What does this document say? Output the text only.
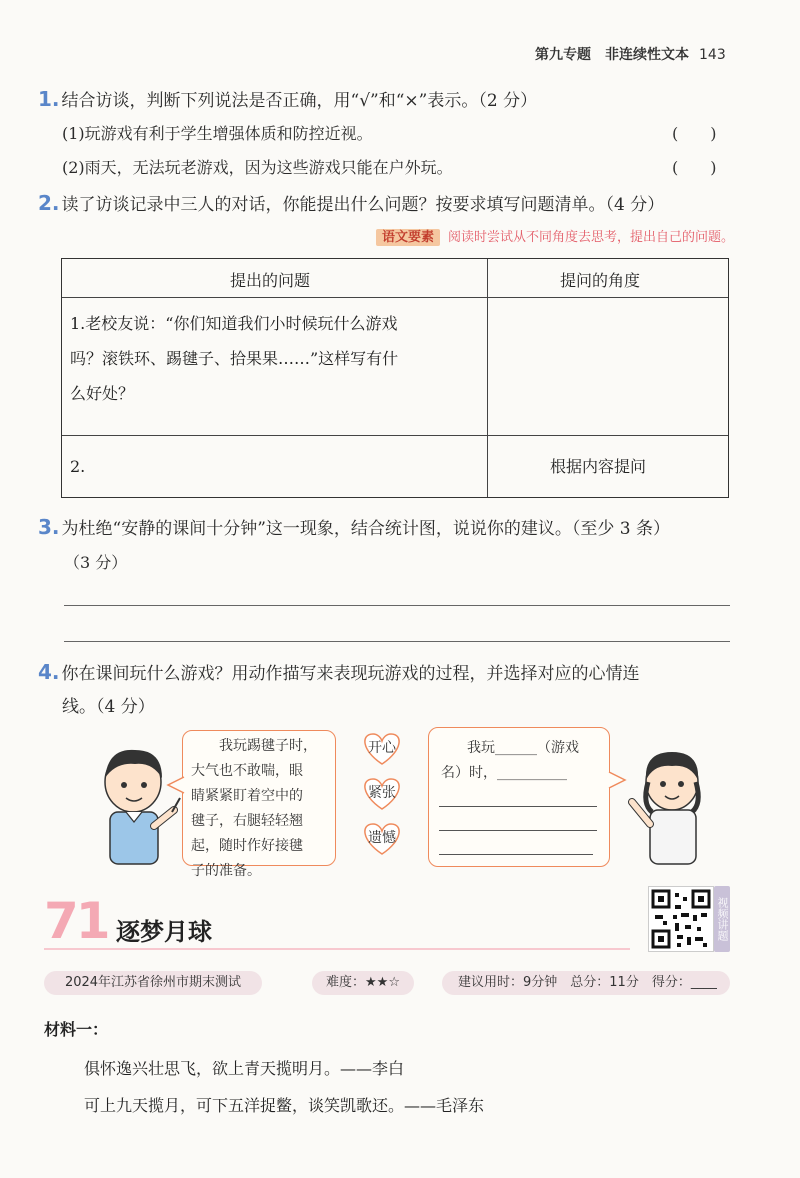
第九专题　非连续性文本 143
1. 结合访谈，判断下列说法是否正确，用“√”和“×”表示。（2 分）
(1)玩游戏有利于学生增强体质和防控近视。	(　　)
(2)雨天，无法玩老游戏，因为这些游戏只能在户外玩。	(　　)
2. 读了访谈记录中三人的对话，你能提出什么问题？按要求填写问题清单。（4 分）
语文要素 阅读时尝试从不同角度去思考，提出自己的问题。
提出的问题	提问的角度
1.老校友说：“你们知道我们小时候玩什么游戏
吗？滚铁环、踢毽子、拾果果……”这样写有什
么好处？
2.	根据内容提问
3. 为杜绝“安静的课间十分钟”这一现象，结合统计图，说说你的建议。（至少 3 条）
（3 分）
4. 你在课间玩什么游戏？用动作描写来表现玩游戏的过程，并选择对应的心情连
线。（4 分）
我玩踢毽子时，
大气也不敢喘，眼
睛紧紧盯着空中的
毽子，右腿轻轻翘
起，随时作好接毽
子的准备。
开心
紧张
遗憾
我玩______（游戏
名）时，__________
71 逐梦月球	视频讲题
2024年江苏省徐州市期末测试	难度：★★☆	建议用时：9分钟　总分：11分　得分：____
材料一：
俱怀逸兴壮思飞，欲上青天揽明月。——李白
可上九天揽月，可下五洋捉鳖，谈笑凯歌还。——毛泽东
